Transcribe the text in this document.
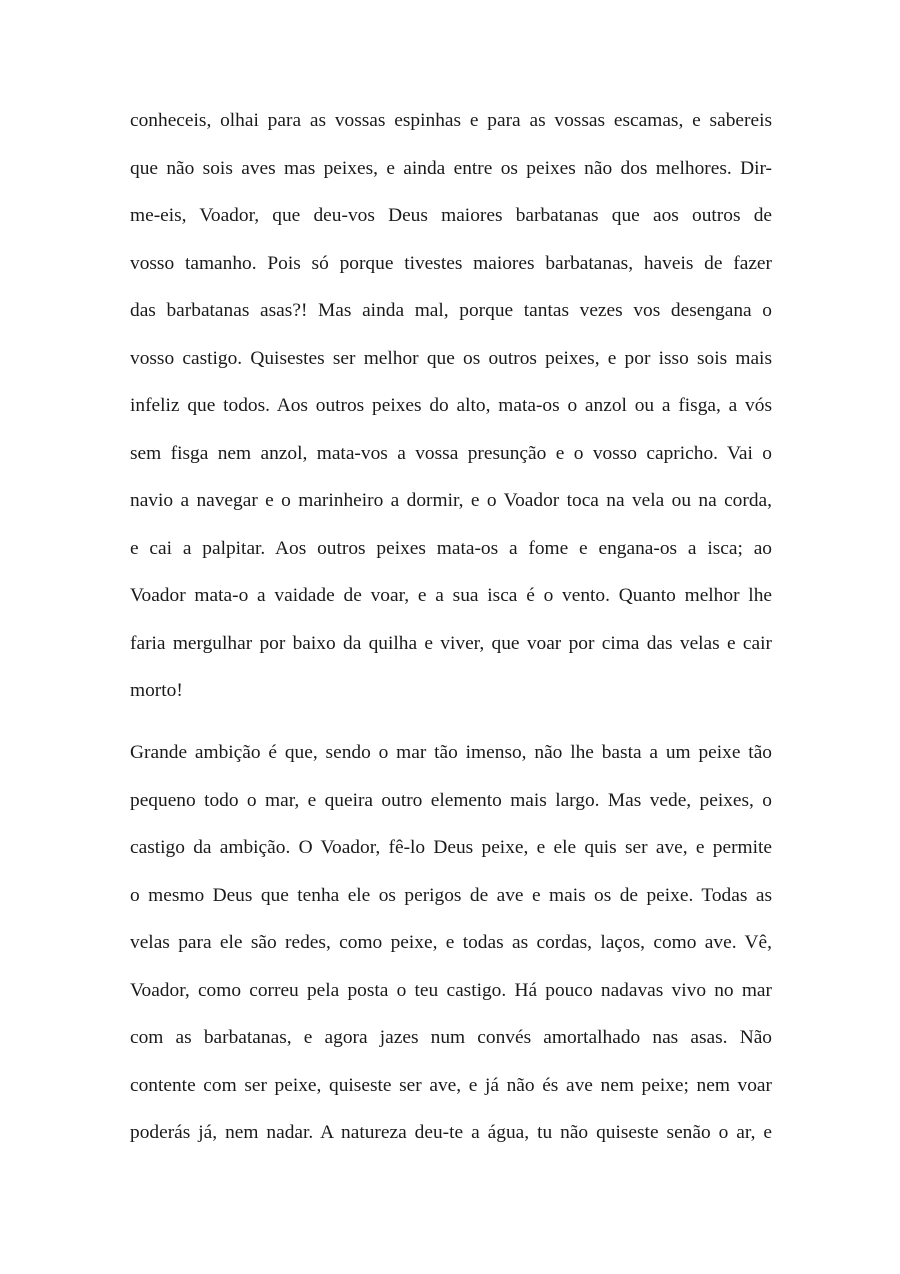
conheceis, olhai para as vossas espinhas e para as vossas escamas, e sabereis
que não sois aves mas peixes, e ainda entre os peixes não dos melhores. Dir-
me-eis, Voador, que deu-vos Deus maiores barbatanas que aos outros de
vosso tamanho. Pois só porque tivestes maiores barbatanas, haveis de fazer
das barbatanas asas?! Mas ainda mal, porque tantas vezes vos desengana o
vosso castigo. Quisestes ser melhor que os outros peixes, e por isso sois mais
infeliz que todos. Aos outros peixes do alto, mata-os o anzol ou a fisga, a vós
sem fisga nem anzol, mata-vos a vossa presunção e o vosso capricho. Vai o
navio a navegar e o marinheiro a dormir, e o Voador toca na vela ou na corda,
e cai a palpitar. Aos outros peixes mata-os a fome e engana-os a isca; ao
Voador mata-o a vaidade de voar, e a sua isca é o vento. Quanto melhor lhe
faria mergulhar por baixo da quilha e viver, que voar por cima das velas e cair
morto!
Grande ambição é que, sendo o mar tão imenso, não lhe basta a um peixe tão
pequeno todo o mar, e queira outro elemento mais largo. Mas vede, peixes, o
castigo da ambição. O Voador, fê-lo Deus peixe, e ele quis ser ave, e permite
o mesmo Deus que tenha ele os perigos de ave e mais os de peixe. Todas as
velas para ele são redes, como peixe, e todas as cordas, laços, como ave. Vê,
Voador, como correu pela posta o teu castigo. Há pouco nadavas vivo no mar
com as barbatanas, e agora jazes num convés amortalhado nas asas. Não
contente com ser peixe, quiseste ser ave, e já não és ave nem peixe; nem voar
poderás já, nem nadar. A natureza deu-te a água, tu não quiseste senão o ar, e
